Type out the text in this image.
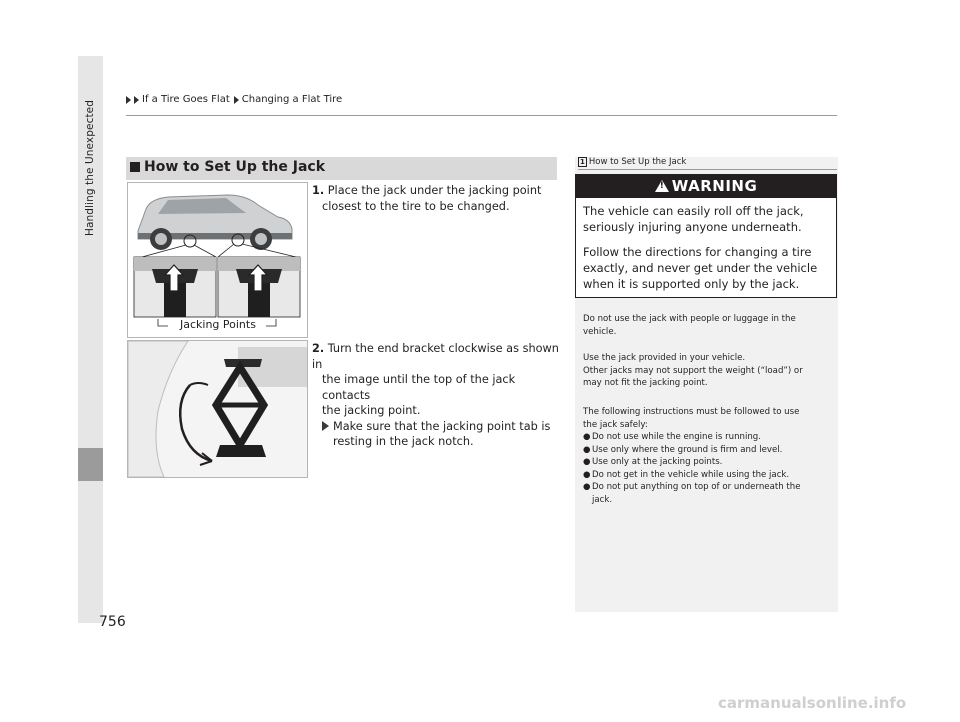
Handling the Unexpected
If a Tire Goes Flat Changing a Flat Tire
How to Set Up the Jack
Jacking Points
1. Place the jack under the jacking point
closest to the tire to be changed.
2. Turn the end bracket clockwise as shown in
the image until the top of the jack contacts
the jacking point.
Make sure that the jacking point tab is
resting in the jack notch.
1 How to Set Up the Jack
!WARNING
The vehicle can easily roll off the jack,
seriously injuring anyone underneath.
Follow the directions for changing a tire
exactly, and never get under the vehicle
when it is supported only by the jack.
Do not use the jack with people or luggage in the
vehicle.
Use the jack provided in your vehicle.
Other jacks may not support the weight (“load”) or
may not fit the jacking point.
The following instructions must be followed to use
the jack safely:
● Do not use while the engine is running.
● Use only where the ground is firm and level.
● Use only at the jacking points.
● Do not get in the vehicle while using the jack.
● Do not put anything on top of or underneath the
jack.
756
carmanualsonline.info
